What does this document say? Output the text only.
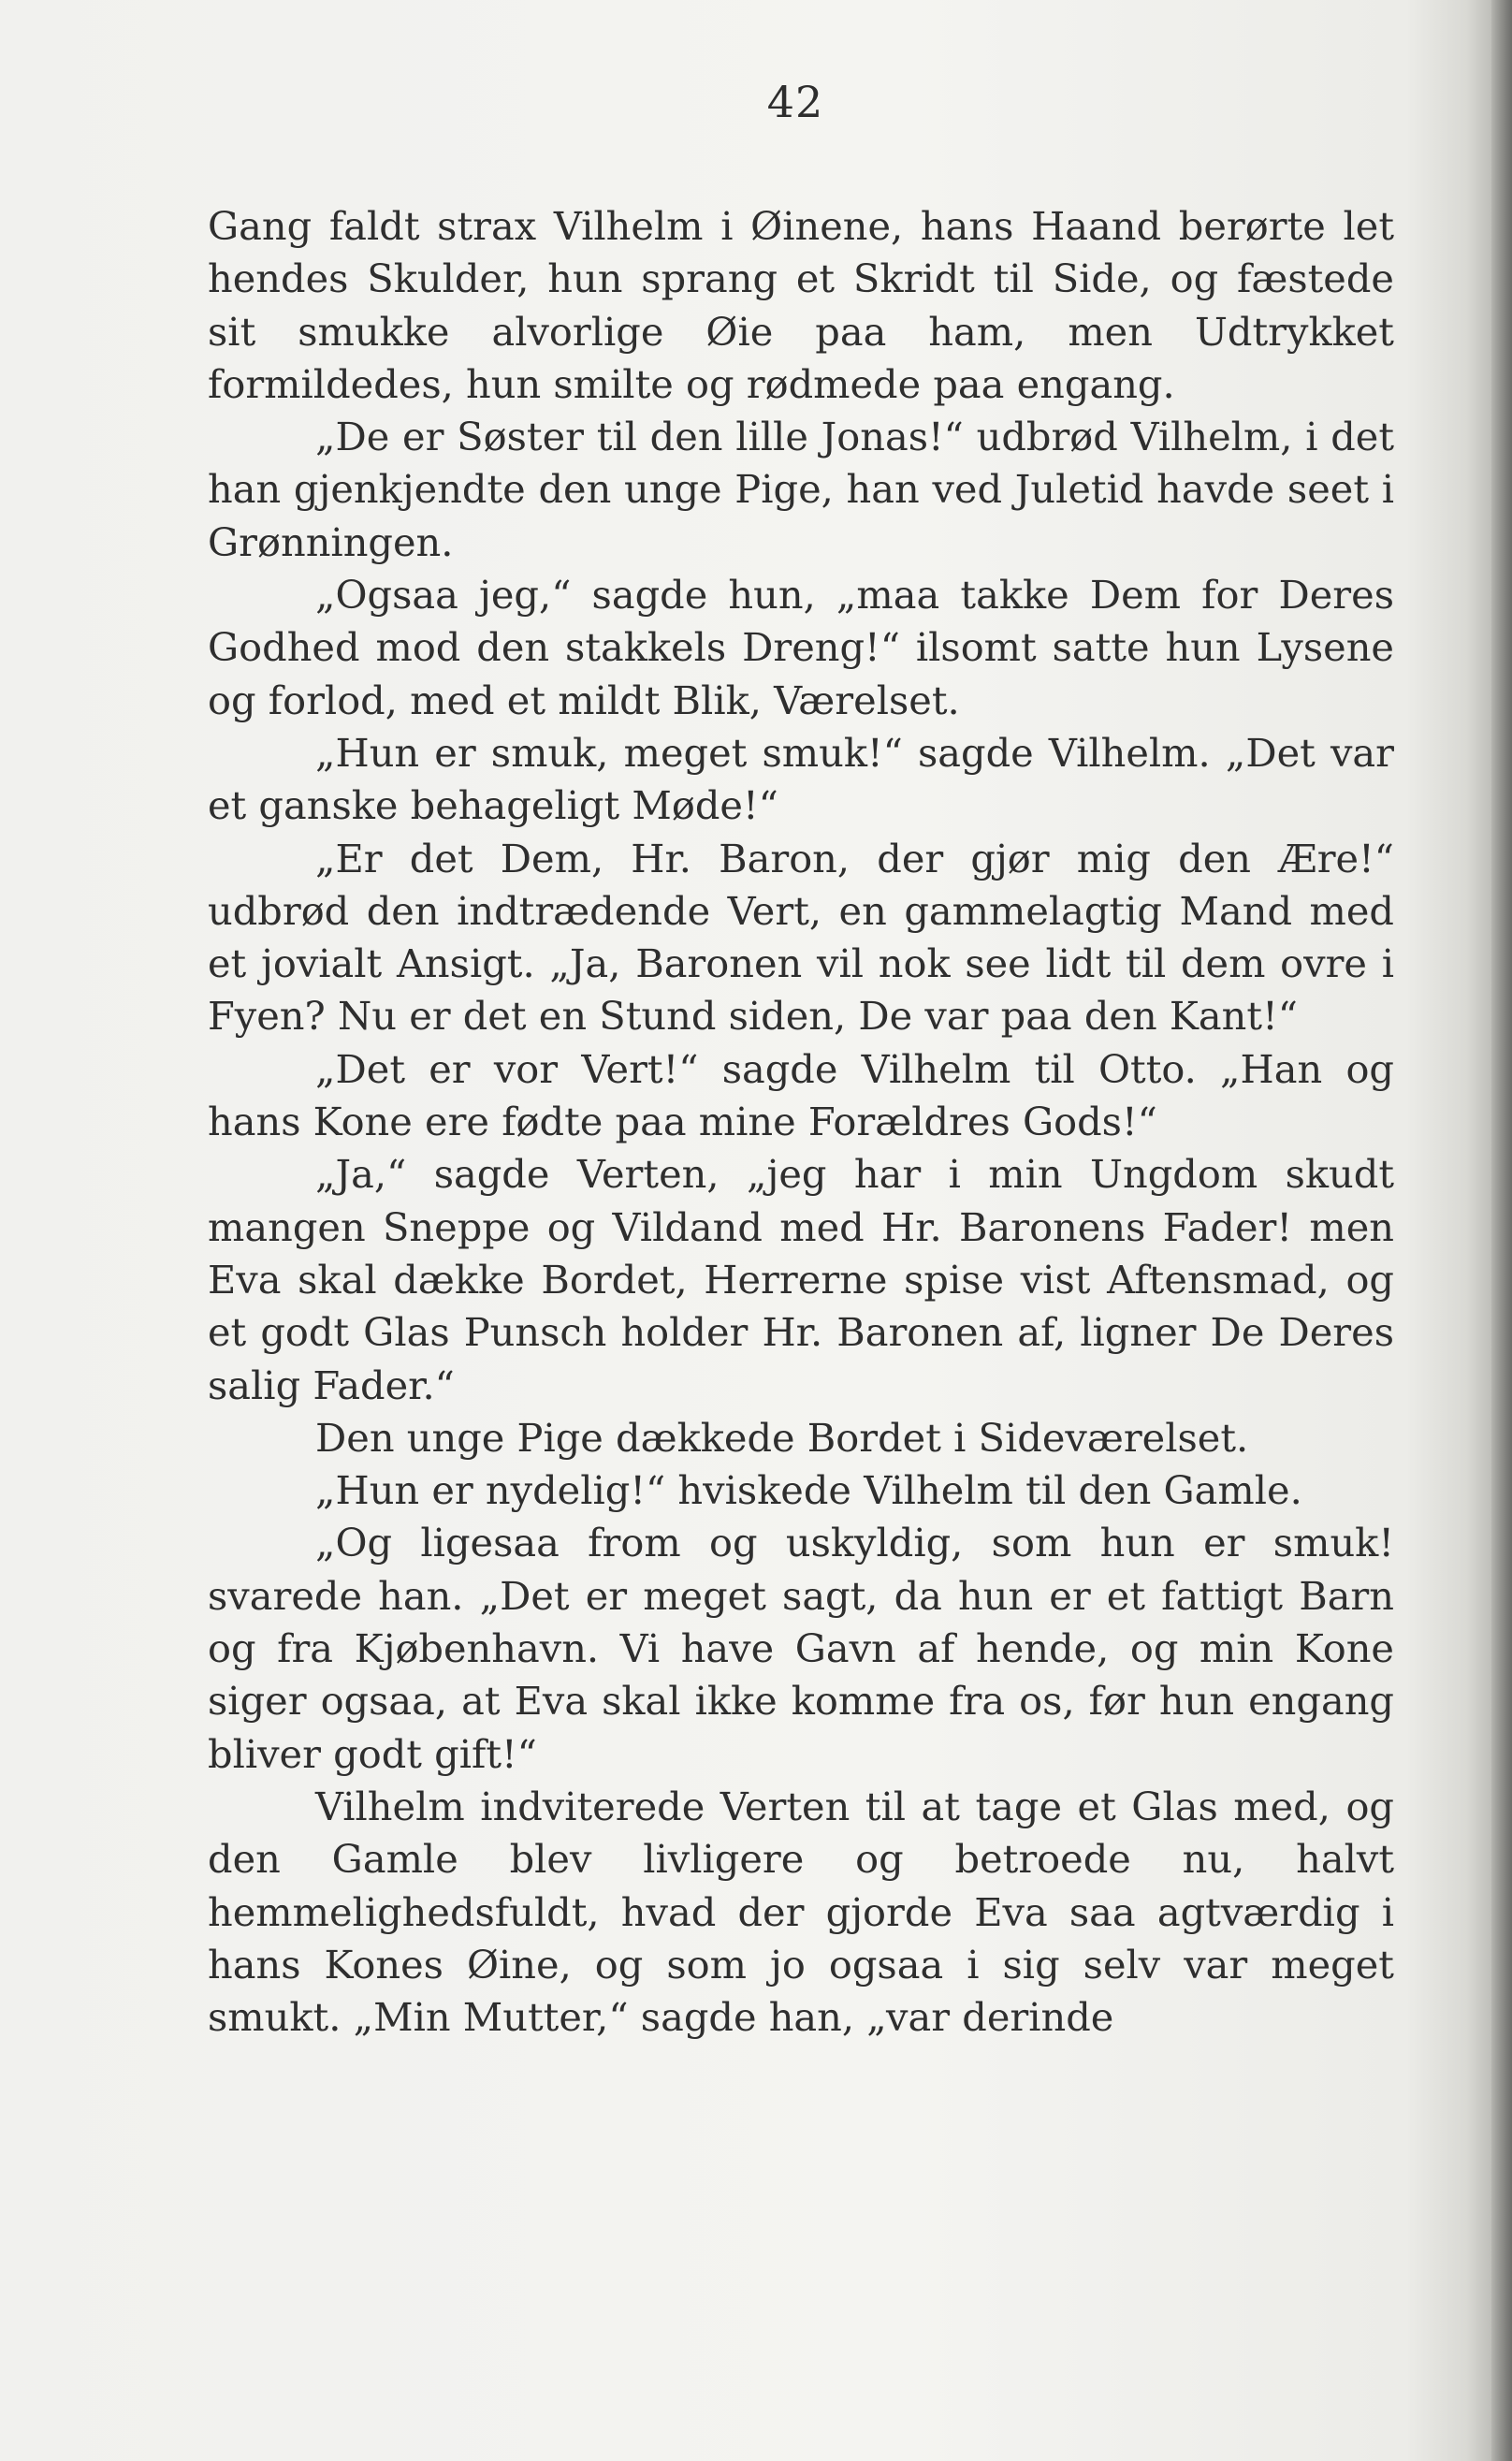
42

Gang faldt strax Vilhelm i Øinene, hans Haand berørte let hendes Skulder, hun sprang et Skridt til Side, og fæstede sit smukke alvorlige Øie paa ham, men Udtrykket formildedes, hun smilte og rødmede paa engang.

„De er Søster til den lille Jonas!“ udbrød Vilhelm, i det han gjenkjendte den unge Pige, han ved Juletid havde seet i Grønningen.

„Ogsaa jeg,“ sagde hun, „maa takke Dem for Deres Godhed mod den stakkels Dreng!“ ilsomt satte hun Lysene og forlod, med et mildt Blik, Værelset.

„Hun er smuk, meget smuk!“ sagde Vilhelm. „Det var et ganske behageligt Møde!“

„Er det Dem, Hr. Baron, der gjør mig den Ære!“ udbrød den indtrædende Vert, en gammelagtig Mand med et jovialt Ansigt. „Ja, Baronen vil nok see lidt til dem ovre i Fyen? Nu er det en Stund siden, De var paa den Kant!“

„Det er vor Vert!“ sagde Vilhelm til Otto. „Han og hans Kone ere fødte paa mine Forældres Gods!“

„Ja,“ sagde Verten, „jeg har i min Ungdom skudt mangen Sneppe og Vildand med Hr. Baronens Fader! men Eva skal dække Bordet, Herrerne spise vist Aftensmad, og et godt Glas Punsch holder Hr. Baronen af, ligner De Deres salig Fader.“

Den unge Pige dækkede Bordet i Sideværelset.

„Hun er nydelig!“ hviskede Vilhelm til den Gamle.

„Og ligesaa from og uskyldig, som hun er smuk! svarede han. „Det er meget sagt, da hun er et fattigt Barn og fra Kjøbenhavn. Vi have Gavn af hende, og min Kone siger ogsaa, at Eva skal ikke komme fra os, før hun engang bliver godt gift!“

Vilhelm indviterede Verten til at tage et Glas med, og den Gamle blev livligere og betroede nu, halvt hemmelighedsfuldt, hvad der gjorde Eva saa agtværdig i hans Kones Øine, og som jo ogsaa i sig selv var meget smukt. „Min Mutter,“ sagde han, „var derinde
